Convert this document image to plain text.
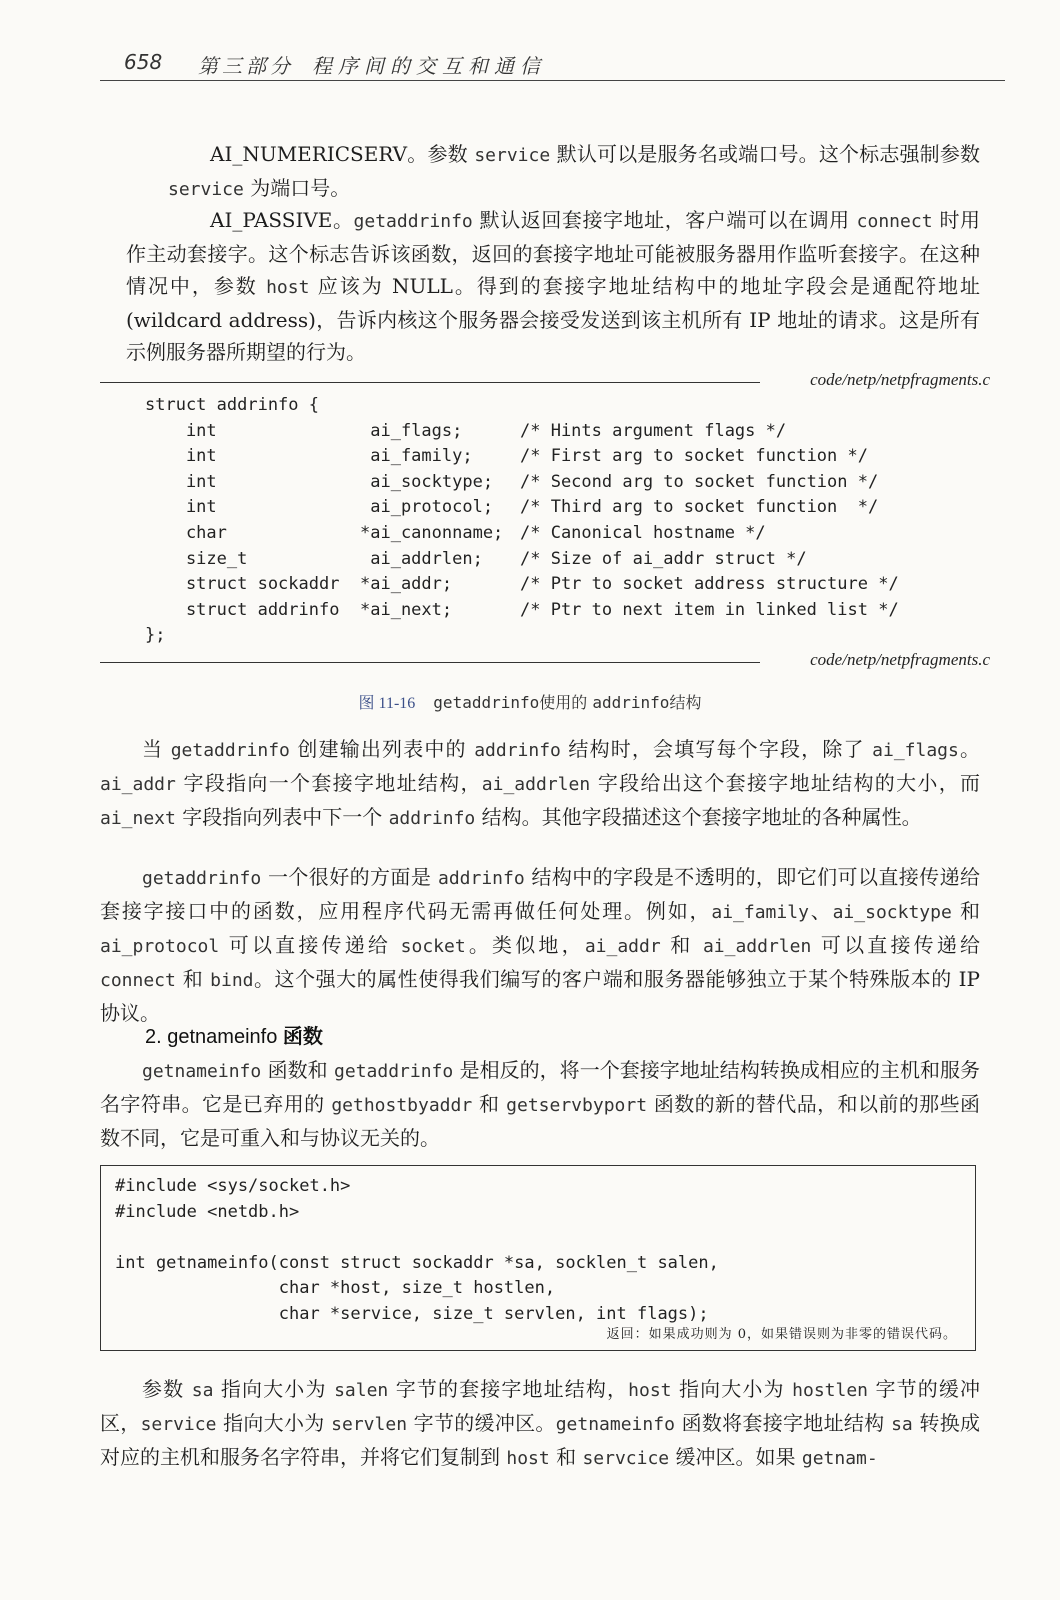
658 第三部分 程序间的交互和通信

AI_NUMERICSERV。参数 service 默认可以是服务名或端口号。这个标志强制参数 service 为端口号。

AI_PASSIVE。getaddrinfo 默认返回套接字地址，客户端可以在调用 connect 时用作主动套接字。这个标志告诉该函数，返回的套接字地址可能被服务器用作监听套接字。在这种情况中，参数 host 应该为 NULL。得到的套接字地址结构中的地址字段会是通配符地址(wildcard address)，告诉内核这个服务器会接受发送到该主机所有 IP 地址的请求。这是所有示例服务器所期望的行为。

code/netp/netpfragments.c
struct addrinfo {
int	ai_flags;	/* Hints argument flags */
int	ai_family;	/* First arg to socket function */
int	ai_socktype; /* Second arg to socket function */
int	ai_protocol; /* Third arg to socket function  */
char	*ai_canonname; /* Canonical hostname */
size_t	ai_addrlen; /* Size of ai_addr struct */
struct sockaddr *ai_addr;	/* Ptr to socket address structure */
struct addrinfo *ai_next;	/* Ptr to next item in linked list */
};
code/netp/netpfragments.c
图 11-16 getaddrinfo使用的 addrinfo结构

当 getaddrinfo 创建输出列表中的 addrinfo 结构时，会填写每个字段，除了 ai_flags。ai_addr 字段指向一个套接字地址结构，ai_addrlen 字段给出这个套接字地址结构的大小，而 ai_next 字段指向列表中下一个 addrinfo 结构。其他字段描述这个套接字地址的各种属性。

getaddrinfo 一个很好的方面是 addrinfo 结构中的字段是不透明的，即它们可以直接传递给套接字接口中的函数，应用程序代码无需再做任何处理。例如，ai_family、ai_socktype 和 ai_protocol 可以直接传递给 socket。类似地，ai_addr 和 ai_addrlen 可以直接传递给 connect 和 bind。这个强大的属性使得我们编写的客户端和服务器能够独立于某个特殊版本的 IP 协议。

2. getnameinfo 函数

getnameinfo 函数和 getaddrinfo 是相反的，将一个套接字地址结构转换成相应的主机和服务名字符串。它是已弃用的 gethostbyaddr 和 getservbyport 函数的新的替代品，和以前的那些函数不同，它是可重入和与协议无关的。

#include <sys/socket.h>
#include <netdb.h>
int getnameinfo(const struct sockaddr *sa, socklen_t salen,
char *host, size_t hostlen,
char *service, size_t servlen, int flags);
返回：如果成功则为 0，如果错误则为非零的错误代码。

参数 sa 指向大小为 salen 字节的套接字地址结构，host 指向大小为 hostlen 字节的缓冲区，service 指向大小为 servlen 字节的缓冲区。getnameinfo 函数将套接字地址结构 sa 转换成对应的主机和服务名字符串，并将它们复制到 host 和 servcice 缓冲区。如果 getnam-
